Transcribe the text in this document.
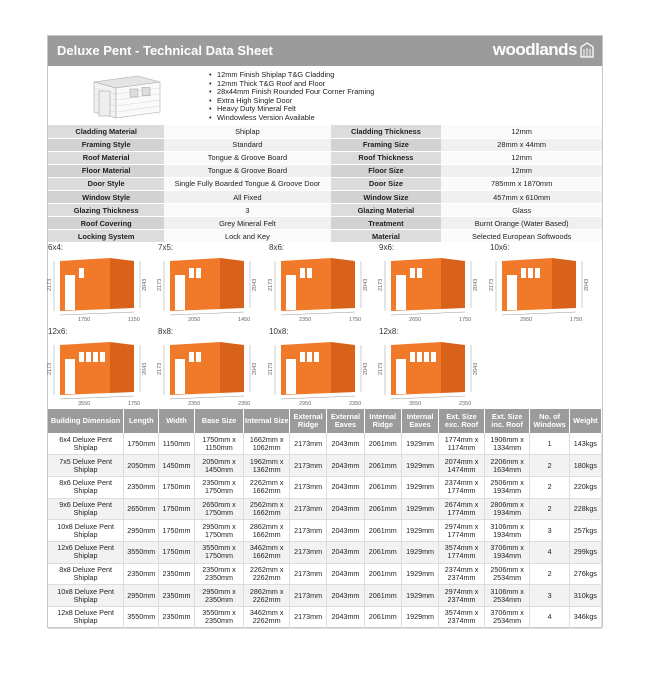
Deluxe Pent - Technical Data Sheet	woodlands
• 12mm Finish Shiplap T&G Cladding
• 12mm Thick T&G Roof and Floor
• 28x44mm Finish Rounded Four Corner Framing
• Extra High Single Door
• Heavy Duty Mineral Felt
• Windowless Version Available
Cladding Material	Shiplap	Cladding Thickness	12mm
Framing Style	Standard	Framing Size	28mm x 44mm
Roof Material	Tongue & Groove Board	Roof Thickness	12mm
Floor Material	Tongue & Groove Board	Floor Size	12mm
Door Style	Single Fully Boarded Tongue & Groove Door	Door Size	785mm x 1870mm
Window Style	All Fixed	Window Size	457mm x 610mm
Glazing Thickness	3	Glazing Material	Glass
Roof Covering	Grey Mineral Felt	Treatment	Burnt Orange (Water Based)
Locking System	Lock and Key	Material	Selected European Softwoods
6x4:
2173	2043
1750	1150
7x5:
2173	2043
2050	1450
8x6:
2173	2043
2350	1750
9x6:
2173	2043
2650	1750
10x6:
2173	2043
2950	1750
12x6:
2173	2043
3550	1750
8x8:
2173	2043
2350	2350
10x8:
2173	2043
2950	2350
12x8:
2173	2043
3550	2350
Building Dimension	Length	Width	Base Size	Internal Size	External Ridge	External Eaves	Internal Ridge	Internal Eaves	Ext. Size exc. Roof	Ext. Size inc. Roof	No. of Windows	Weight
6x4 Deluxe Pent Shiplap	1750mm	1150mm	1750mm x 1150mm	1662mm x 1062mm	2173mm	2043mm	2061mm	1929mm	1774mm x 1174mm	1906mm x 1334mm	1	143kgs
7x5 Deluxe Pent Shiplap	2050mm	1450mm	2050mm x 1450mm	1962mm x 1362mm	2173mm	2043mm	2061mm	1929mm	2074mm x 1474mm	2206mm x 1634mm	2	180kgs
8x6 Deluxe Pent Shiplap	2350mm	1750mm	2350mm x 1750mm	2262mm x 1662mm	2173mm	2043mm	2061mm	1929mm	2374mm x 1774mm	2506mm x 1934mm	2	220kgs
9x6 Deluxe Pent Shiplap	2650mm	1750mm	2650mm x 1750mm	2562mm x 1662mm	2173mm	2043mm	2061mm	1929mm	2674mm x 1774mm	2806mm x 1934mm	2	228kgs
10x8 Deluxe Pent Shiplap	2950mm	1750mm	2950mm x 1750mm	2862mm x 1662mm	2173mm	2043mm	2061mm	1929mm	2974mm x 1774mm	3106mm x 1934mm	3	257kgs
12x6 Deluxe Pent Shiplap	3550mm	1750mm	3550mm x 1750mm	3462mm x 1662mm	2173mm	2043mm	2061mm	1929mm	3574mm x 1774mm	3706mm x 1934mm	4	299kgs
8x8 Deluxe Pent Shiplap	2350mm	2350mm	2350mm x 2350mm	2262mm x 2262mm	2173mm	2043mm	2061mm	1929mm	2374mm x 2374mm	2506mm x 2534mm	2	276kgs
10x8 Deluxe Pent Shiplap	2950mm	2350mm	2950mm x 2350mm	2862mm x 2262mm	2173mm	2043mm	2061mm	1929mm	2974mm x 2374mm	3106mm x 2534mm	3	310kgs
12x8 Deluxe Pent Shiplap	3550mm	2350mm	3550mm x 2350mm	3462mm x 2262mm	2173mm	2043mm	2061mm	1929mm	3574mm x 2374mm	3706mm x 2534mm	4	346kgs
